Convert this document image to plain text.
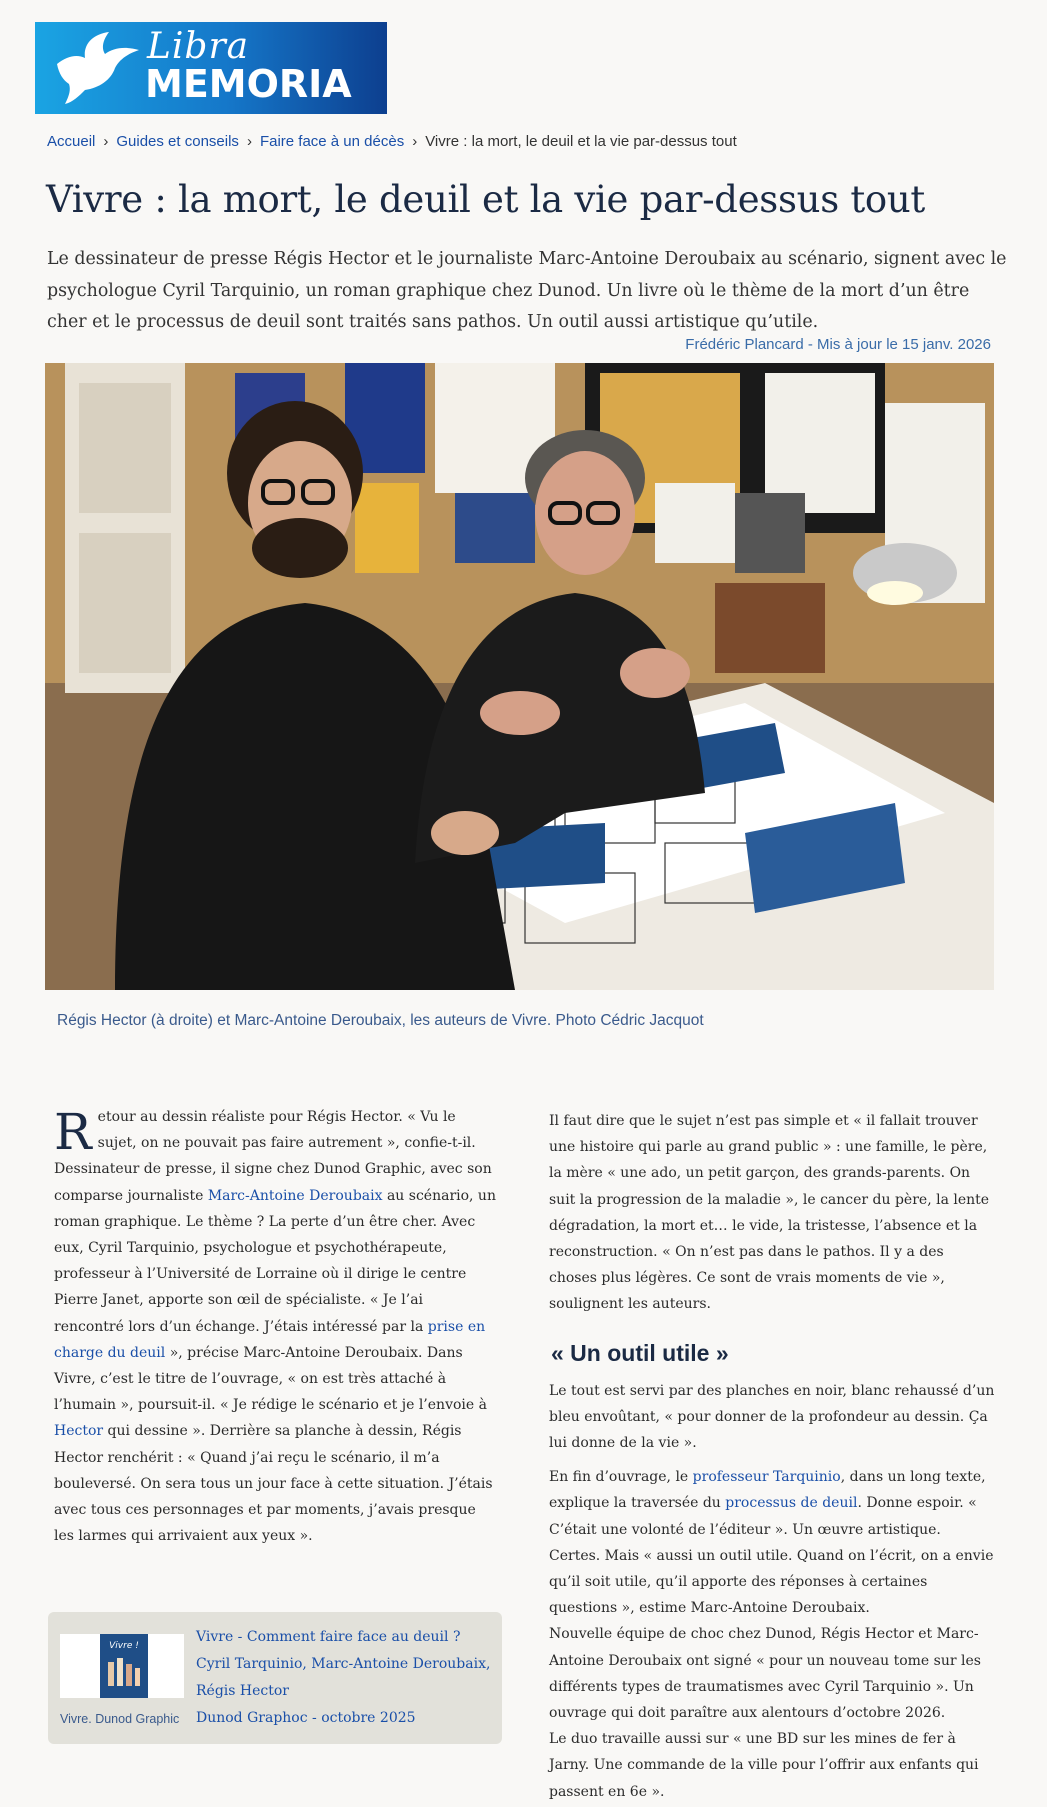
Libra
MEMORIA
Accueil › Guides et conseils › Faire face à un décès › Vivre : la mort, le deuil et la vie par-dessus tout
Vivre : la mort, le deuil et la vie par-dessus tout

Le dessinateur de presse Régis Hector et le journaliste Marc-Antoine Deroubaix au scénario, signent avec le psychologue Cyril Tarquinio, un roman graphique chez Dunod. Un livre où le thème de la mort d’un être cher et le processus de deuil sont traités sans pathos. Un outil aussi artistique qu’utile.

Frédéric Plancard - Mis à jour le 15 janv. 2026
Régis Hector (à droite) et Marc-Antoine Deroubaix, les auteurs de Vivre. Photo Cédric Jacquot

Retour au dessin réaliste pour Régis Hector. « Vu le sujet, on ne pouvait pas faire autrement », confie-t-il. Dessinateur de presse, il signe chez Dunod Graphic, avec son comparse journaliste Marc-Antoine Deroubaix au scénario, un roman graphique. Le thème ? La perte d’un être cher. Avec eux, Cyril Tarquinio, psychologue et psychothérapeute, professeur à l’Université de Lorraine où il dirige le centre Pierre Janet, apporte son œil de spécialiste. « Je l’ai rencontré lors d’un échange. J’étais intéressé par la prise en charge du deuil », précise Marc-Antoine Deroubaix. Dans Vivre, c’est le titre de l’ouvrage, « on est très attaché à l’humain », poursuit-il. « Je rédige le scénario et je l’envoie à Hector qui dessine ». Derrière sa planche à dessin, Régis Hector renchérit : « Quand j’ai reçu le scénario, il m’a bouleversé. On sera tous un jour face à cette situation. J’étais avec tous ces personnages et par moments, j’avais presque les larmes qui arrivaient aux yeux ».

Il faut dire que le sujet n’est pas simple et « il fallait trouver une histoire qui parle au grand public » : une famille, le père, la mère « une ado, un petit garçon, des grands-parents. On suit la progression de la maladie », le cancer du père, la lente dégradation, la mort et… le vide, la tristesse, l’absence et la reconstruction. « On n’est pas dans le pathos. Il y a des choses plus légères. Ce sont de vrais moments de vie », soulignent les auteurs.

« Un outil utile »

Le tout est servi par des planches en noir, blanc rehaussé d’un bleu envoûtant, « pour donner de la profondeur au dessin. Ça lui donne de la vie ».

En fin d’ouvrage, le professeur Tarquinio, dans un long texte, explique la traversée du processus de deuil. Donne espoir. « C’était une volonté de l’éditeur ». Un œuvre artistique. Certes. Mais « aussi un outil utile. Quand on l’écrit, on a envie qu’il soit utile, qu’il apporte des réponses à certaines questions », estime Marc-Antoine Deroubaix.

Nouvelle équipe de choc chez Dunod, Régis Hector et Marc-Antoine Deroubaix ont signé « pour un nouveau tome sur les différents types de traumatismes avec Cyril Tarquinio ». Un ouvrage qui doit paraître aux alentours d’octobre 2026.

Le duo travaille aussi sur « une BD sur les mines de fer à Jarny. Une commande de la ville pour l’offrir aux enfants qui passent en 6e ».

Vivre !
Vivre. Dunod Graphic
Vivre - Comment faire face au deuil ?
Cyril Tarquinio, Marc-Antoine Deroubaix,
Régis Hector
Dunod Graphoc - octobre 2025
